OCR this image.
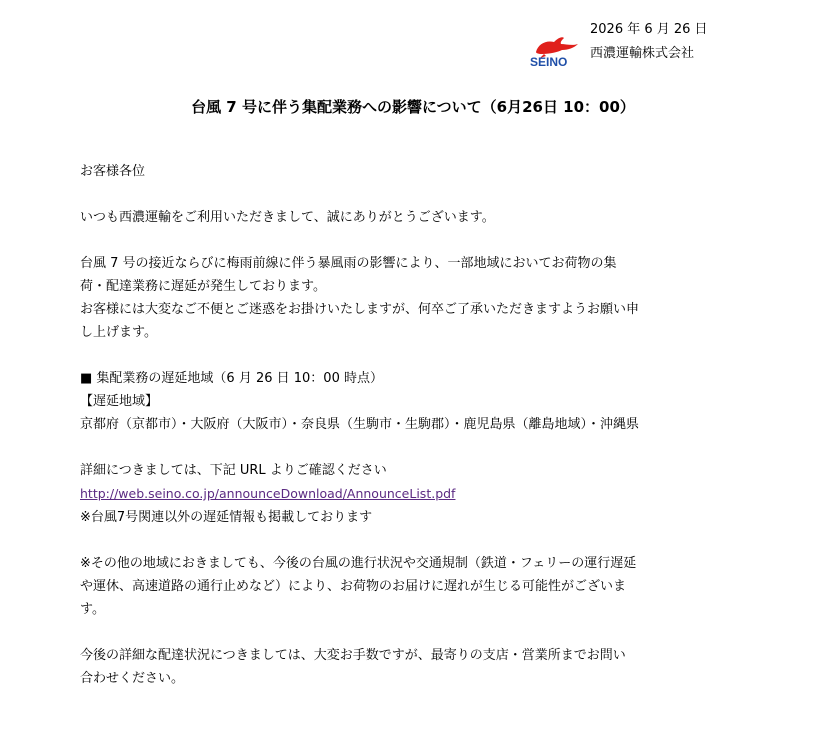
2026 年 6 月 26 日
SEINO
西濃運輸株式会社
台風 7 号に伴う集配業務への影響について（6月26日 10：00）

お客様各位

いつも西濃運輸をご利用いただきまして、誠にありがとうございます。

台風 7 号の接近ならびに梅雨前線に伴う暴風雨の影響により、一部地域においてお荷物の集

荷・配達業務に遅延が発生しております。

お客様には大変なご不便とご迷惑をお掛けいたしますが、何卒ご了承いただきますようお願い申

し上げます。

■ 集配業務の遅延地域（6 月 26 日 10：00 時点）

【遅延地域】

京都府（京都市）・大阪府（大阪市）・奈良県（生駒市・生駒郡）・鹿児島県（離島地域）・沖縄県

詳細につきましては、下記 URL よりご確認ください

http://web.seino.co.jp/announceDownload/AnnounceList.pdf

※台風7号関連以外の遅延情報も掲載しております

※その他の地域におきましても、今後の台風の進行状況や交通規制（鉄道・フェリーの運行遅延

や運休、高速道路の通行止めなど）により、お荷物のお届けに遅れが生じる可能性がございま

す。

今後の詳細な配達状況につきましては、大変お手数ですが、最寄りの支店・営業所までお問い

合わせください。
